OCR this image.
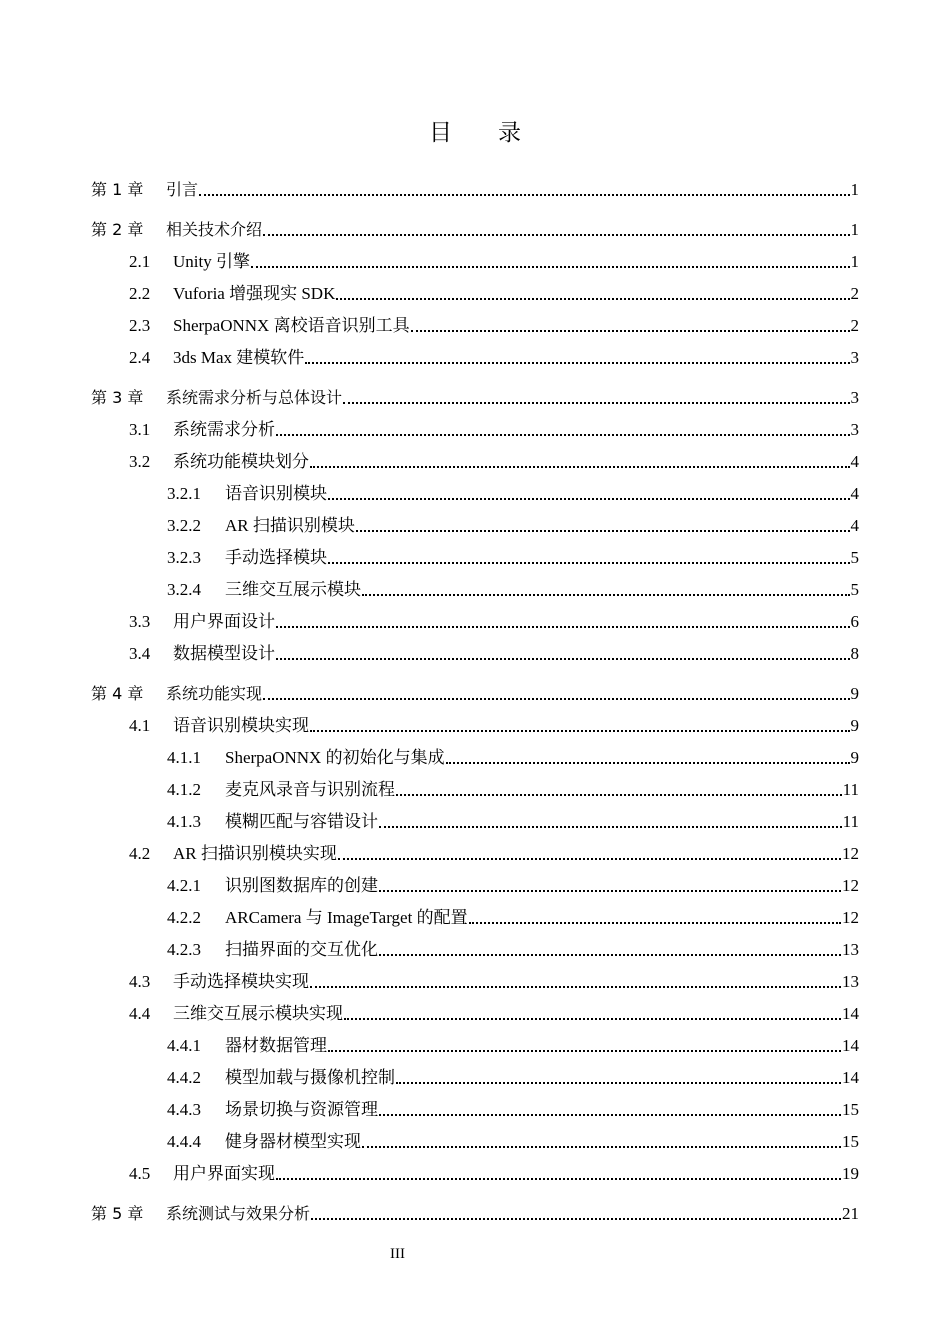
目录
第 1 章	引言	1
第 2 章	相关技术介绍	1
2.1	Unity 引擎	1
2.2	Vuforia 增强现实 SDK	2
2.3	SherpaONNX 离校语音识别工具	2
2.4	3ds Max 建模软件	3
第 3 章	系统需求分析与总体设计	3
3.1	系统需求分析	3
3.2	系统功能模块划分	4
3.2.1	语音识别模块	4
3.2.2	AR 扫描识别模块	4
3.2.3	手动选择模块	5
3.2.4	三维交互展示模块	5
3.3	用户界面设计	6
3.4	数据模型设计	8
第 4 章	系统功能实现	9
4.1	语音识别模块实现	9
4.1.1	SherpaONNX 的初始化与集成	9
4.1.2	麦克风录音与识别流程	11
4.1.3	模糊匹配与容错设计	11
4.2	AR 扫描识别模块实现	12
4.2.1	识别图数据库的创建	12
4.2.2	ARCamera 与 ImageTarget 的配置	12
4.2.3	扫描界面的交互优化	13
4.3	手动选择模块实现	13
4.4	三维交互展示模块实现	14
4.4.1	器材数据管理	14
4.4.2	模型加载与摄像机控制	14
4.4.3	场景切换与资源管理	15
4.4.4	健身器材模型实现	15
4.5	用户界面实现	19
第 5 章	系统测试与效果分析	21
III
